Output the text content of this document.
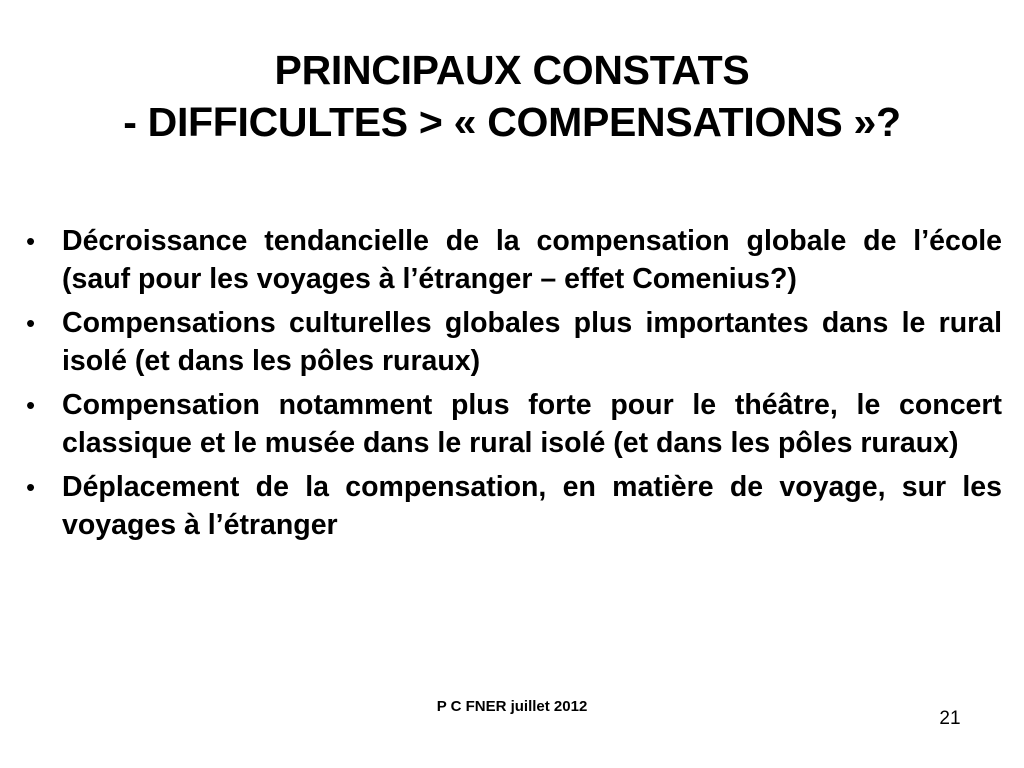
PRINCIPAUX CONSTATS
- DIFFICULTES > « COMPENSATIONS »?
• Décroissance tendancielle de la compensation globale de l’école (sauf pour les voyages à l’étranger – effet Comenius?)
• Compensations culturelles globales plus importantes dans le rural isolé (et dans les pôles ruraux)
• Compensation notamment plus forte pour le théâtre, le concert classique et le musée dans le rural isolé (et dans les pôles ruraux)
• Déplacement de la compensation, en matière de voyage, sur les voyages à l’étranger
P C FNER juillet 2012
21
